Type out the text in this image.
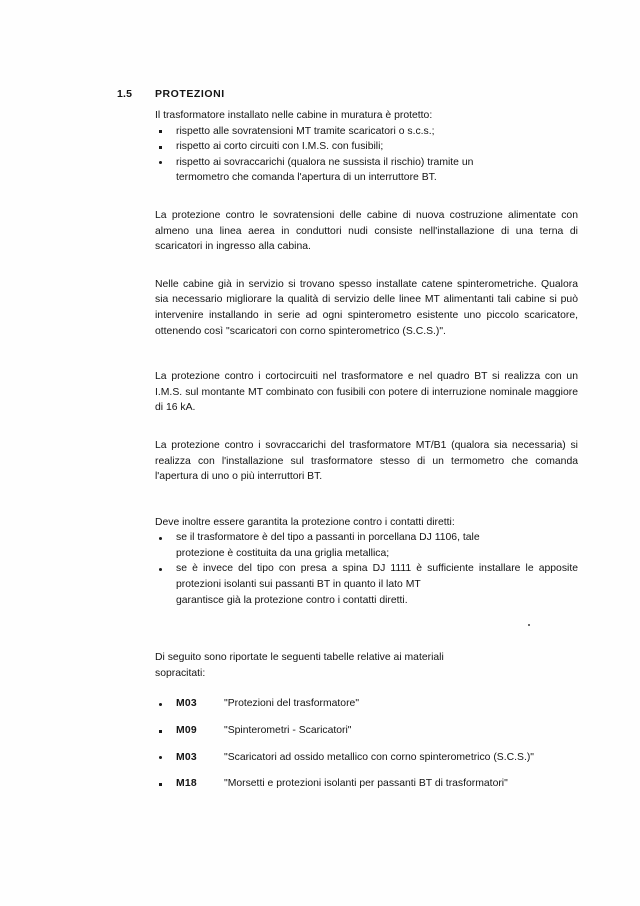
1.5 PROTEZIONI

Il trasformatore installato nelle cabine in muratura è protetto:

rispetto alle sovratensioni MT tramite scaricatori o s.c.s.;
rispetto ai corto circuiti con I.M.S. con fusibili;
rispetto ai sovraccarichi (qualora ne sussista il rischio) tramite un
termometro che comanda l'apertura di un interruttore BT.

La protezione contro le sovratensioni delle cabine di nuova costruzione alimentate con almeno una linea aerea in conduttori nudi consiste nell'installazione di una terna di scaricatori in ingresso alla cabina.

Nelle cabine già in servizio si trovano spesso installate catene spinterometriche. Qualora sia necessario migliorare la qualità di servizio delle linee MT alimentanti tali cabine si può intervenire installando in serie ad ogni spinterometro esistente uno piccolo scaricatore, ottenendo così "scaricatori con corno spinterometrico (S.C.S.)".

La protezione contro i cortocircuiti nel trasformatore e nel quadro BT si realizza con un I.M.S. sul montante MT combinato con fusibili con potere di interruzione nominale maggiore di 16 kA.

La protezione contro i sovraccarichi del trasformatore MT/B1 (qualora sia necessaria) si realizza con l'installazione sul trasformatore stesso di un termometro che comanda l'apertura di uno o più interruttori BT.

Deve inoltre essere garantita la protezione contro i contatti diretti:

se il trasformatore è del tipo a passanti in porcellana DJ 1106, tale
protezione è costituita da una griglia metallica;
se è invece del tipo con presa a spina DJ 1111 è sufficiente installare le apposite protezioni isolanti sui passanti BT in quanto il lato MT
garantisce già la protezione contro i contatti diretti.

Di seguito sono riportate le seguenti tabelle relative ai materiali

sopracitati:

M03	"Protezioni del trasformatore"
M09	"Spinterometri - Scaricatori"
M03	"Scaricatori ad ossido metallico con corno spinterometrico (S.C.S.)"
M18	"Morsetti e protezioni isolanti per passanti BT di trasformatori"
